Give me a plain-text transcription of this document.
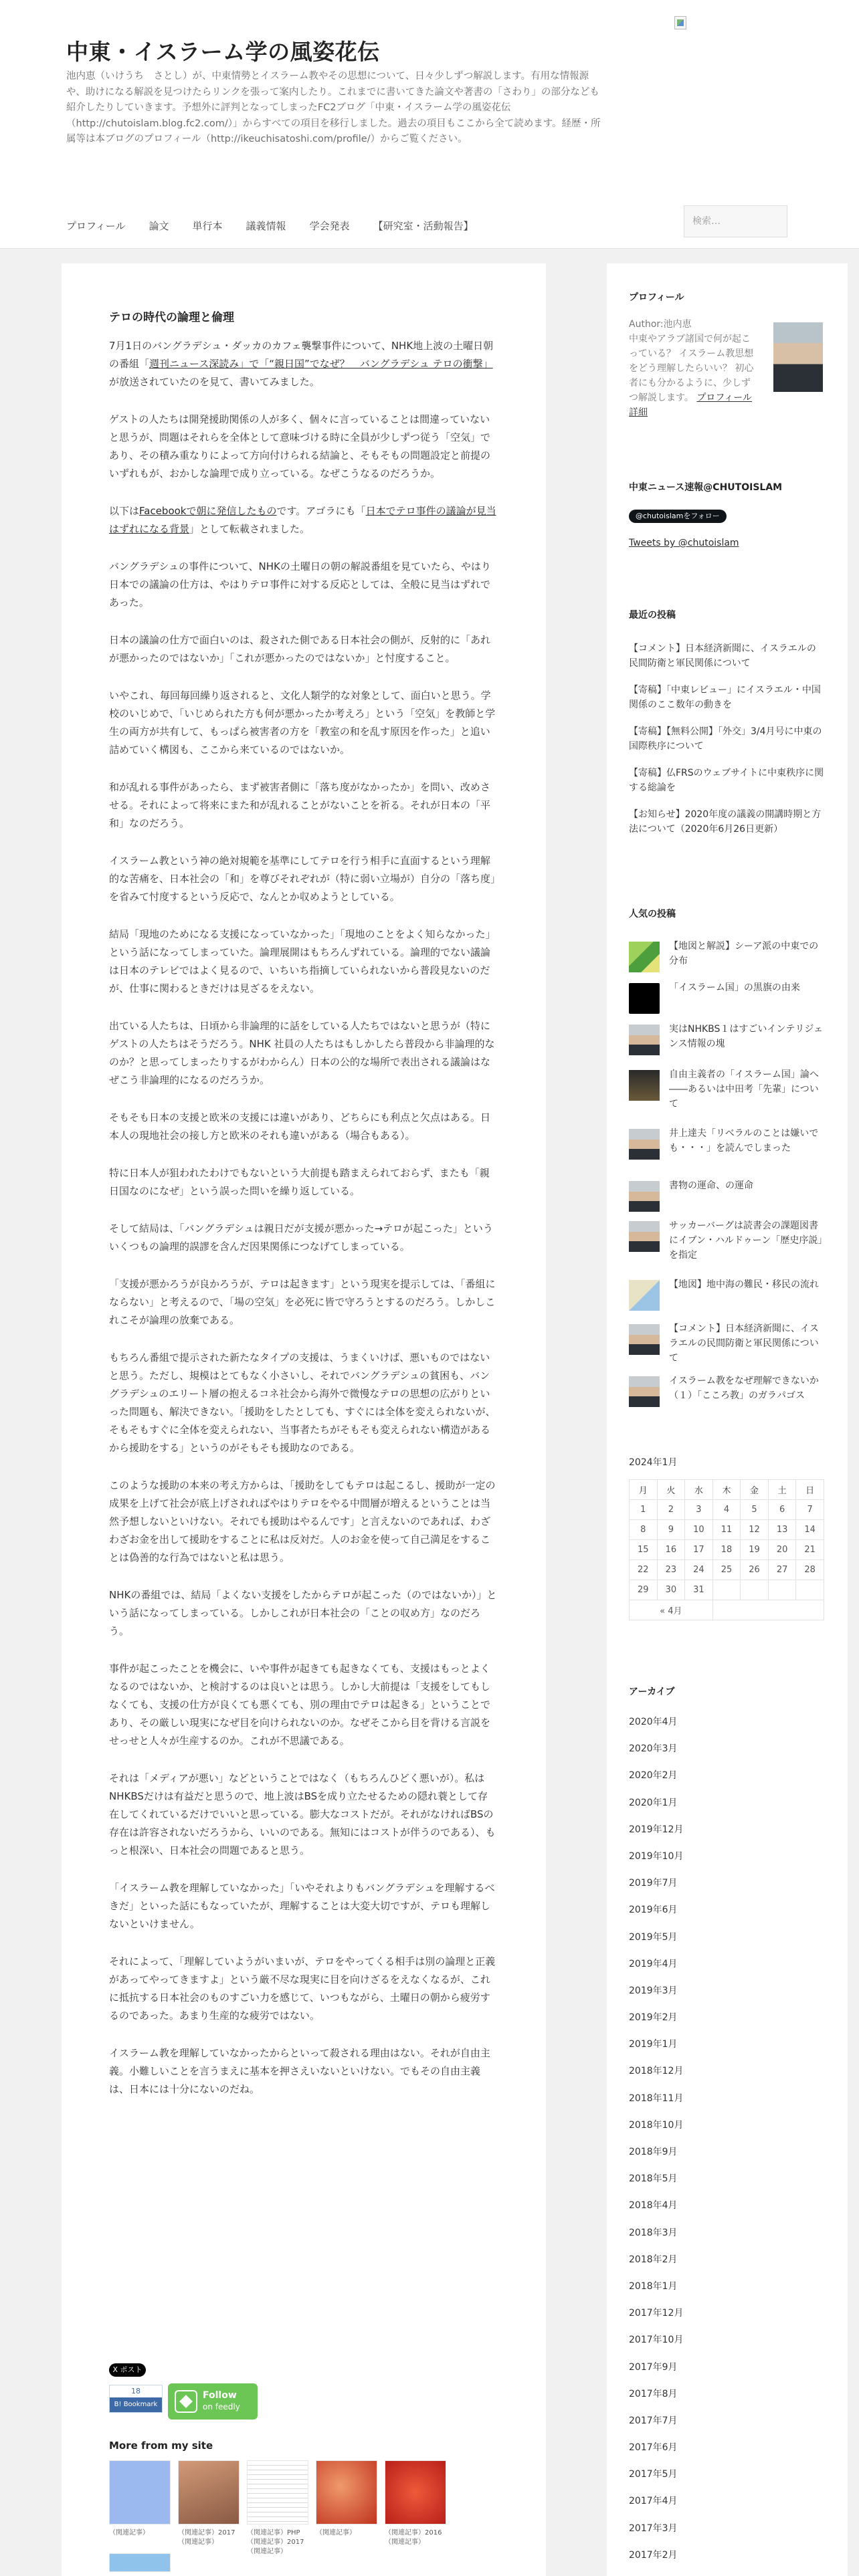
中東・イスラーム学の風姿花伝
池内恵（いけうち　さとし）が、中東情勢とイスラーム教やその思想について、日々少しずつ解説します。有用な情報源や、助けになる解説を見つけたらリンクを張って案内したり。これまでに書いてきた論文や著書の「さわり」の部分なども紹介したりしていきます。予想外に評判となってしまったFC2ブログ「中東・イスラーム学の風姿花伝（http://chutoislam.blog.fc2.com/）」からすべての項目を移行しました。過去の項目もここから全て読めます。経歴・所属等は本ブログのプロフィール（http://ikeuchisatoshi.com/profile/）からご覧ください。
プロフィール 論文 単行本 議義情報 学会発表 【研究室・活動報告】
検索…
テロの時代の論理と倫理

7月1日のバングラデシュ・ダッカのカフェ襲撃事件について、NHK地上波の土曜日朝の番組「週刊ニュース深読み」で「“親日国”でなぜ？　バングラデシュ テロの衝撃」が放送されていたのを見て、書いてみました。

ゲストの人たちは開発援助関係の人が多く、個々に言っていることは間違っていないと思うが、問題はそれらを全体として意味づける時に全員が少しずつ従う「空気」であり、その積み重なりによって方向付けられる結論と、そもそもの問題設定と前提のいずれもが、おかしな論理で成り立っている。なぜこうなるのだろうか。

以下はFacebookで朝に発信したものです。アゴラにも「日本でテロ事件の議論が見当はずれになる背景」として転載されました。

バングラデシュの事件について、NHKの土曜日の朝の解説番組を見ていたら、やはり日本での議論の仕方は、やはりテロ事件に対する反応としては、全般に見当はずれであった。

日本の議論の仕方で面白いのは、殺された側である日本社会の側が、反射的に「あれが悪かったのではないか」「これが悪かったのではないか」と忖度すること。

いやこれ、毎回毎回繰り返されると、文化人類学的な対象として、面白いと思う。学校のいじめで、「いじめられた方も何が悪かったか考えろ」という「空気」を教師と学生の両方が共有して、もっぱら被害者の方を「教室の和を乱す原因を作った」と追い詰めていく構図も、ここから来ているのではないか。

和が乱れる事件があったら、まず被害者側に「落ち度がなかったか」を問い、改めさせる。それによって将来にまた和が乱れることがないことを祈る。それが日本の「平和」なのだろう。

イスラーム教という神の絶対規範を基準にしてテロを行う相手に直面するという理解的な苦痛を、日本社会の「和」を尊びそれぞれが（特に弱い立場が）自分の「落ち度」を省みて忖度するという反応で、なんとか収めようとしている。

結局「現地のためになる支援になっていなかった」「現地のことをよく知らなかった」という話になってしまっていた。論理展開はもちろんずれている。論理的でない議論は日本のテレビではよく見るので、いちいち指摘していられないから普段見ないのだが、仕事に関わるときだけは見ざるをえない。

出ている人たちは、日頃から非論理的に話をしている人たちではないと思うが（特にゲストの人たちはそうだろう。NHK 社員の人たちはもしかしたら普段から非論理的なのか？と思ってしまったりするがわからん）日本の公的な場所で表出される議論はなぜこう非論理的になるのだろうか。

そもそも日本の支援と欧米の支援には違いがあり、どちらにも利点と欠点はある。日本人の現地社会の接し方と欧米のそれも違いがある（場合もある）。

特に日本人が狙われたわけでもないという大前提も踏まえられておらず、またも「親日国なのになぜ」という誤った問いを繰り返している。

そして結局は、「バングラデシュは親日だが支援が悪かった→テロが起こった」といういくつもの論理的誤謬を含んだ因果関係につなげてしまっている。

「支援が悪かろうが良かろうが、テロは起きます」という現実を提示しては、「番組にならない」と考えるので、「場の空気」を必死に皆で守ろうとするのだろう。しかしこれこそが論理の放棄である。

もちろん番組で提示された新たなタイプの支援は、うまくいけば、悪いものではないと思う。ただし、規模はとてもなく小さいし、それでバングラデシュの貧困も、バングラデシュのエリート層の抱えるコネ社会から海外で微慢なテロの思想の広がりといった問題も、解決できない。「援助をしたとしても、すぐには全体を変えられないが、そもそもすぐに全体を変えられない、当事者たちがそもそも変えられない構造があるから援助をする」というのがそもそも援助なのである。

このような援助の本来の考え方からは、「援助をしてもテロは起こるし、援助が一定の成果を上げて社会が底上げされればやはりテロをやる中間層が増えるということは当然予想しないといけない。それでも援助はやるんです」と言えないのであれば、わざわざお金を出して援助をすることに私は反対だ。人のお金を使って自己満足をすることは偽善的な行為ではないと私は思う。

NHKの番組では、結局「よくない支援をしたからテロが起こった（のではないか）」という話になってしまっている。しかしこれが日本社会の「ことの収め方」なのだろう。

事件が起こったことを機会に、いや事件が起きても起きなくても、支援はもっとよくなるのではないか、と検討するのは良いとは思う。しかし大前提は「支援をしてもしなくても、支援の仕方が良くても悪くても、別の理由でテロは起きる」ということであり、その厳しい現実になぜ目を向けられないのか。なぜそこから目を背ける言説をせっせと人々が生産するのか。これが不思議である。

それは「メディアが悪い」などということではなく（もちろんひどく悪いが）。私はNHKBSだけは有益だと思うので、地上波はBSを成り立たせるための隠れ蓑として存在してくれているだけでいいと思っている。膨大なコストだが。それがなければBSの存在は許容されないだろうから、いいのである。無知にはコストが伴うのである）、もっと根深い、日本社会の問題であると思う。

「イスラーム教を理解していなかった」「いやそれよりもバングラデシュを理解するべきだ」といった話にもなっていたが、理解することは大変大切ですが、テロも理解しないといけません。

それによって、「理解していようがいまいが、テロをやってくる相手は別の論理と正義があってやってきますよ」という厳不尽な現実に目を向けざるをえなくなるが、これに抵抗する日本社会のものすごい力を感じて、いつもながら、土曜日の朝から疲労するのであった。あまり生産的な疲労ではない。

イスラーム教を理解していなかったからといって殺される理由はない。それが自由主義。小難しいことを言うまえに基本を押さえいないといけない。でもその自由主義は、日本には十分にないのだね。

X ポスト
18
B! Bookmark
Follow
on feedly
More from my site
（関連記事）	（関連記事）2017（関連記事）
（関連記事）PHP（関連記事）2017（関連記事）
（関連記事）	（関連記事）2016（関連記事）
プロフィール
Author:池内恵
中東やアラブ諸国で何が起こっている？ イスラーム教思想をどう理解したらいい？ 初心者にも分かるように、少しずつ解説します。 プロフィール詳細
中東ニュース速報@CHUTOISLAM
@chutoislamをフォロー
Tweets by @chutoislam
最近の投稿
【コメント】日本経済新聞に、イスラエルの民間防衛と軍民関係について
【寄稿】「中東レビュー」にイスラエル・中国関係のここ数年の動きを
【寄稿】【無料公開】「外交」3/4月号に中東の国際秩序について
【寄稿】仏FRSのウェブサイトに中東秩序に関する総論を
【お知らせ】2020年度の議義の開講時期と方法について（2020年6月26日更新）
人気の投稿
【地図と解説】シーア派の中東での分布
「イスラーム国」の黒旗の由来
実はNHKBS１はすごいインテリジェンス情報の塊
自由主義者の「イスラーム国」論へ――あるいは中田考「先輩」について
井上達夫「リベラルのことは嫌いでも・・・」を読んでしまった
書物の運命、の運命
サッカーバーグは読書会の課題図書にイブン・ハルドゥーン「歴史序説」を指定
【地図】地中海の難民・移民の流れ
【コメント】日本経済新聞に、イスラエルの民間防衛と軍民関係について
イスラーム教をなぜ理解できないか（１）「こころ教」のガラパゴス
2024年1月
月	火	水	木	金	土	日
1	2	3	4	5	6	7
8	9	10	11	12	13	14
15	16	17	18	19	20	21
22	23	24	25	26	27	28
29	30	31				
« 4月						
アーカイブ
2020年4月
2020年3月
2020年2月
2020年1月
2019年12月
2019年10月
2019年7月
2019年6月
2019年5月
2019年4月
2019年3月
2019年2月
2019年1月
2018年12月
2018年11月
2018年10月
2018年9月
2018年5月
2018年4月
2018年3月
2018年2月
2018年1月
2017年12月
2017年10月
2017年9月
2017年8月
2017年7月
2017年6月
2017年5月
2017年4月
2017年3月
2017年2月
